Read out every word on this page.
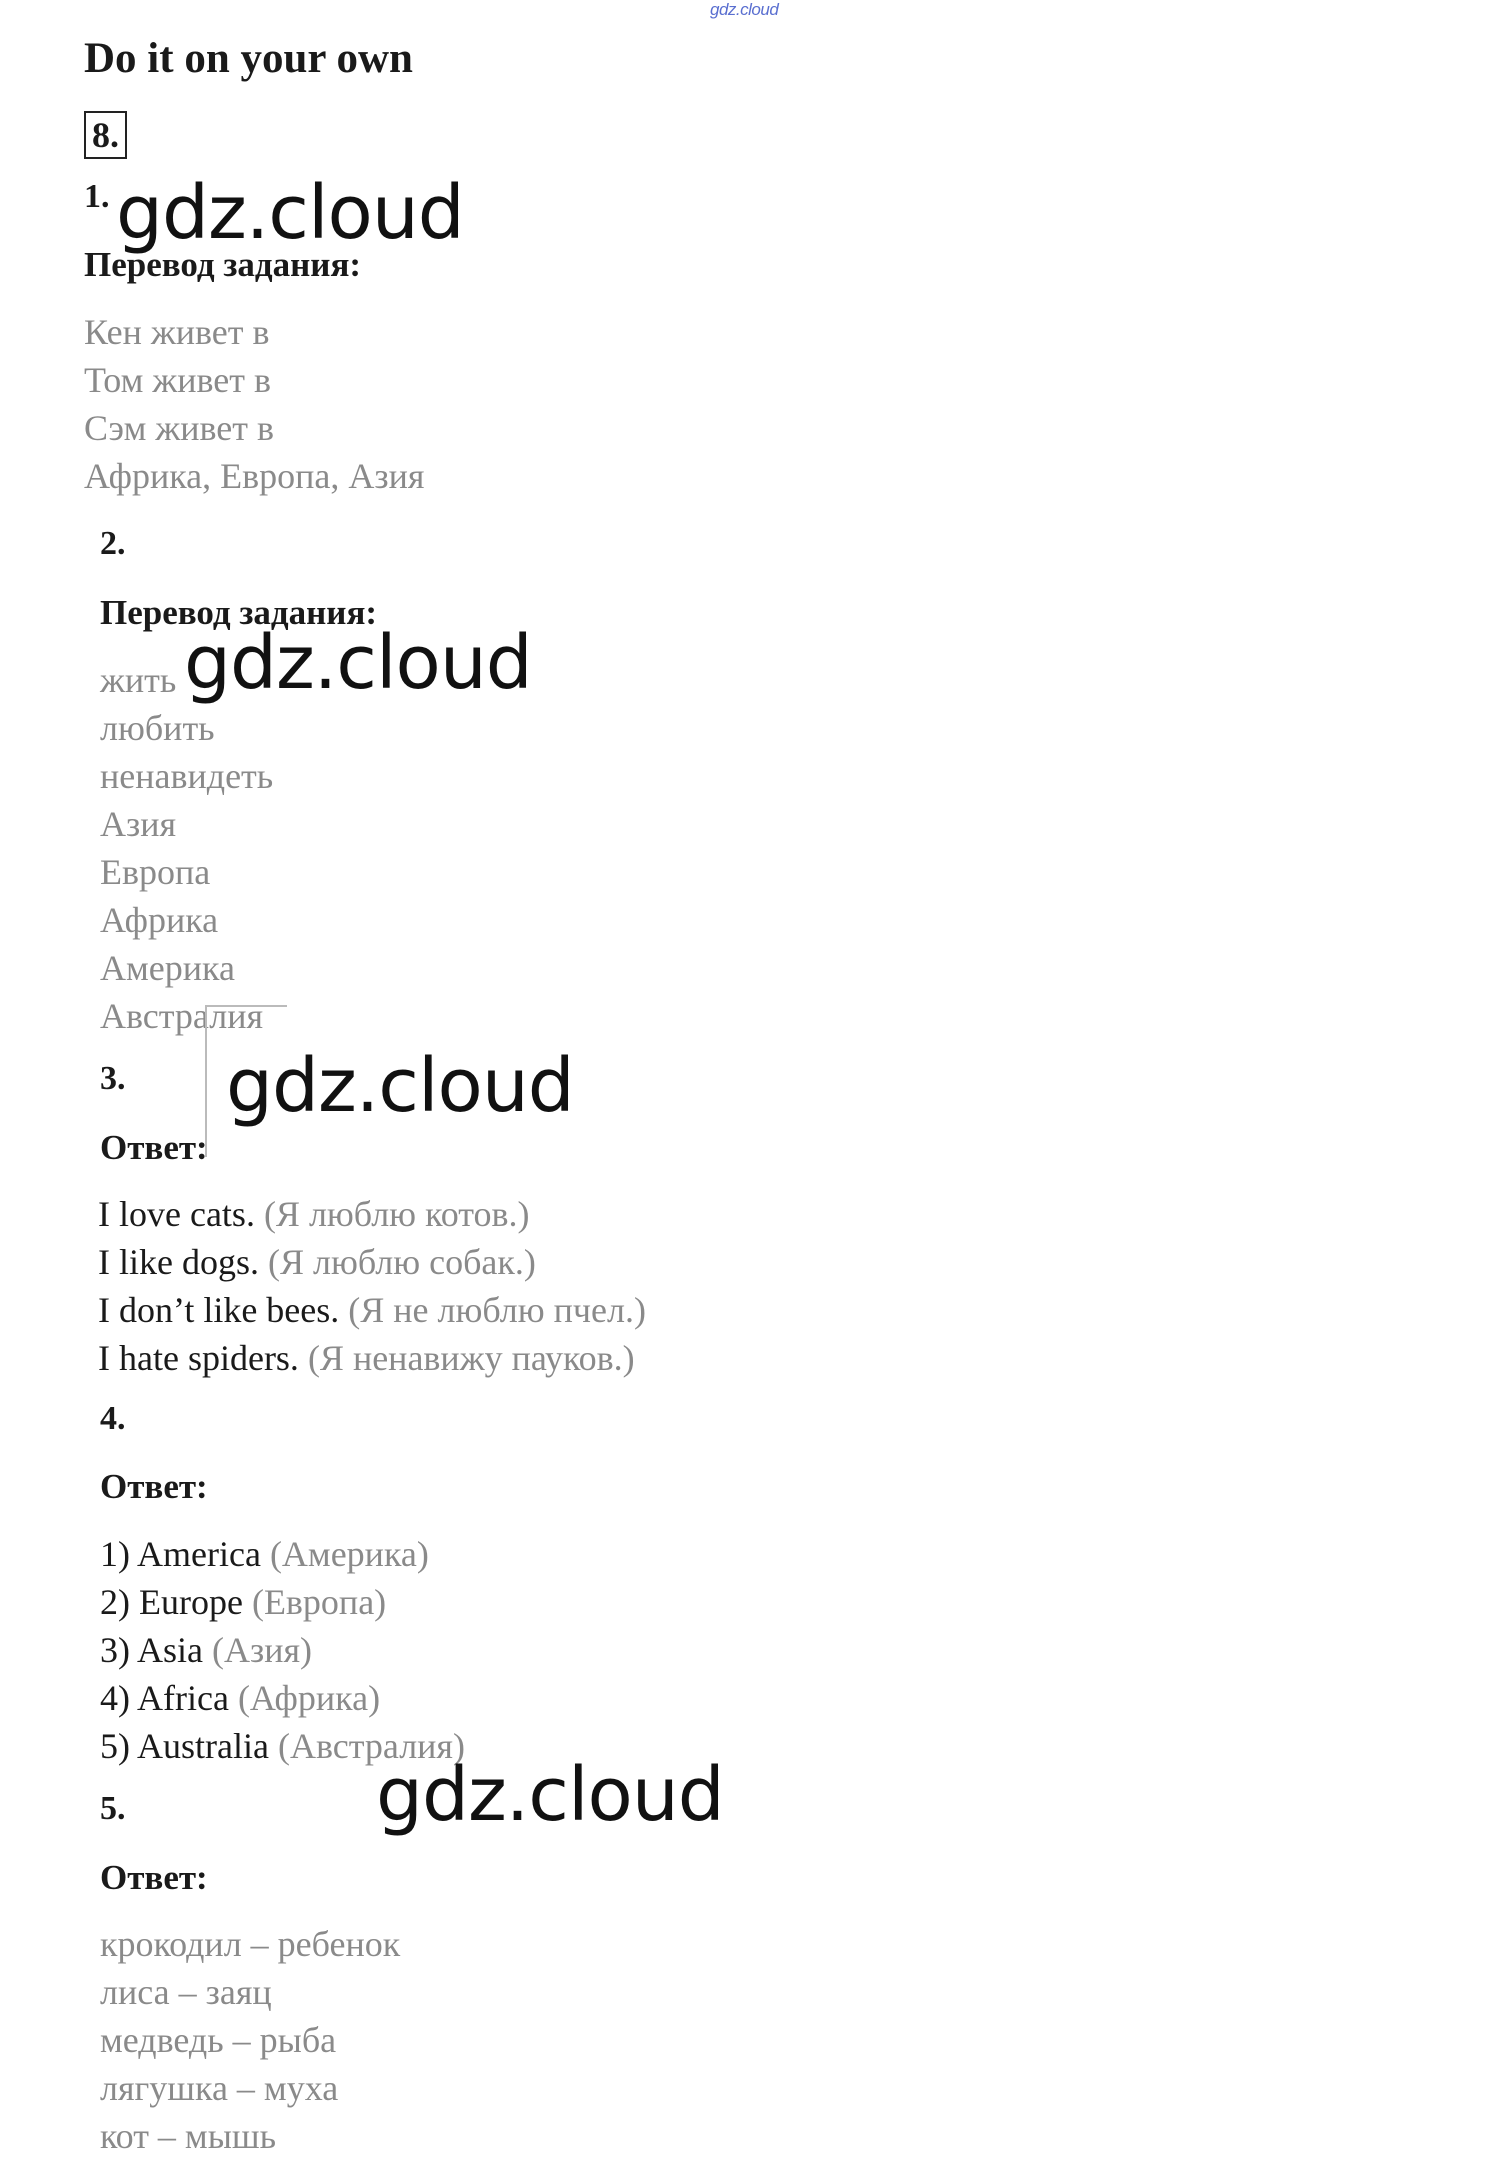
gdz.cloud
Do it on your own
8.
1. gdz.cloud
Перевод задания:
Кен живет в
Том живет в
Сэм живет в
Африка, Европа, Азия
2.
Перевод задания:
жить
любить
ненавидеть
Азия
Европа
Африка
Америка
Австралия
gdz.cloud
3. gdz.cloud
Ответ:
I love cats. (Я люблю котов.)
I like dogs. (Я люблю собак.)
I don’t like bees. (Я не люблю пчел.)
I hate spiders. (Я ненавижу пауков.)
4.
Ответ:
1) America (Америка)
2) Europe (Европа)
3) Asia (Азия)
4) Africa (Африка)
5) Australia (Австралия)
5.	gdz.cloud
Ответ:
крокодил – ребенок
лиса – заяц
медведь – рыба
лягушка – муха
кот – мышь
